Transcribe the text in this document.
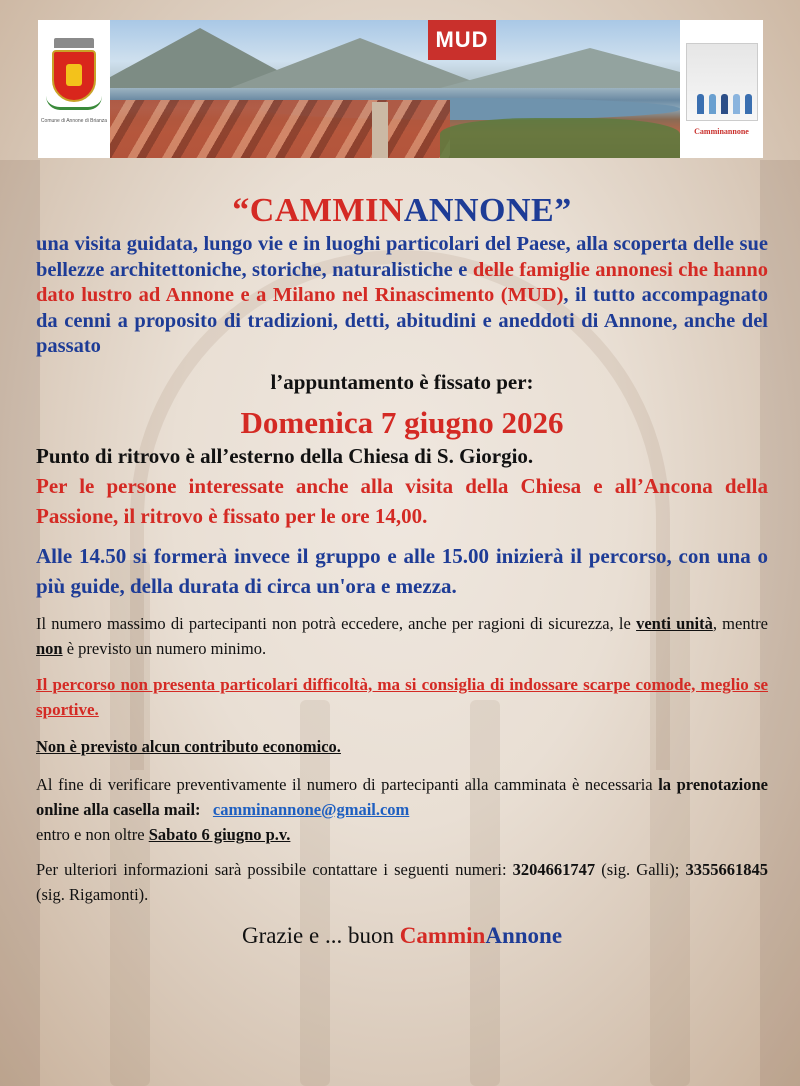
Comune di Annone di Brianza
MUD
Camminannone
“CAMMINANNONE”

una visita guidata, lungo vie e in luoghi particolari del Paese, alla scoperta delle sue bellezze architettoniche, storiche, naturalistiche e delle famiglie annonesi che hanno dato lustro ad Annone e a Milano nel Rinascimento (MUD), il tutto accompagnato da cenni a proposito di tradizioni, detti, abitudini e aneddoti di Annone, anche del passato

l’appuntamento è fissato per:
Domenica 7 giugno 2026

Punto di ritrovo è all’esterno della Chiesa di S. Giorgio.

Per le persone interessate anche alla visita della Chiesa e all’Ancona della Passione, il ritrovo è fissato per le ore 14,00.

Alle 14.50 si formerà invece il gruppo e alle 15.00 inizierà il percorso, con una o più guide, della durata di circa un'ora e mezza.

Il numero massimo di partecipanti non potrà eccedere, anche per ragioni di sicurezza, le venti unità, mentre non è previsto un numero minimo.

Il percorso non presenta particolari difficoltà, ma si consiglia di indossare scarpe comode, meglio se sportive.

Non è previsto alcun contributo economico.

Al fine di verificare preventivamente il numero di partecipanti alla camminata è necessaria la prenotazione online alla casella mail: camminannone@gmail.com
entro e non oltre Sabato 6 giugno p.v.

Per ulteriori informazioni sarà possibile contattare i seguenti numeri: 3204661747 (sig. Galli); 3355661845 (sig. Rigamonti).

Grazie e ... buon CamminAnnone
